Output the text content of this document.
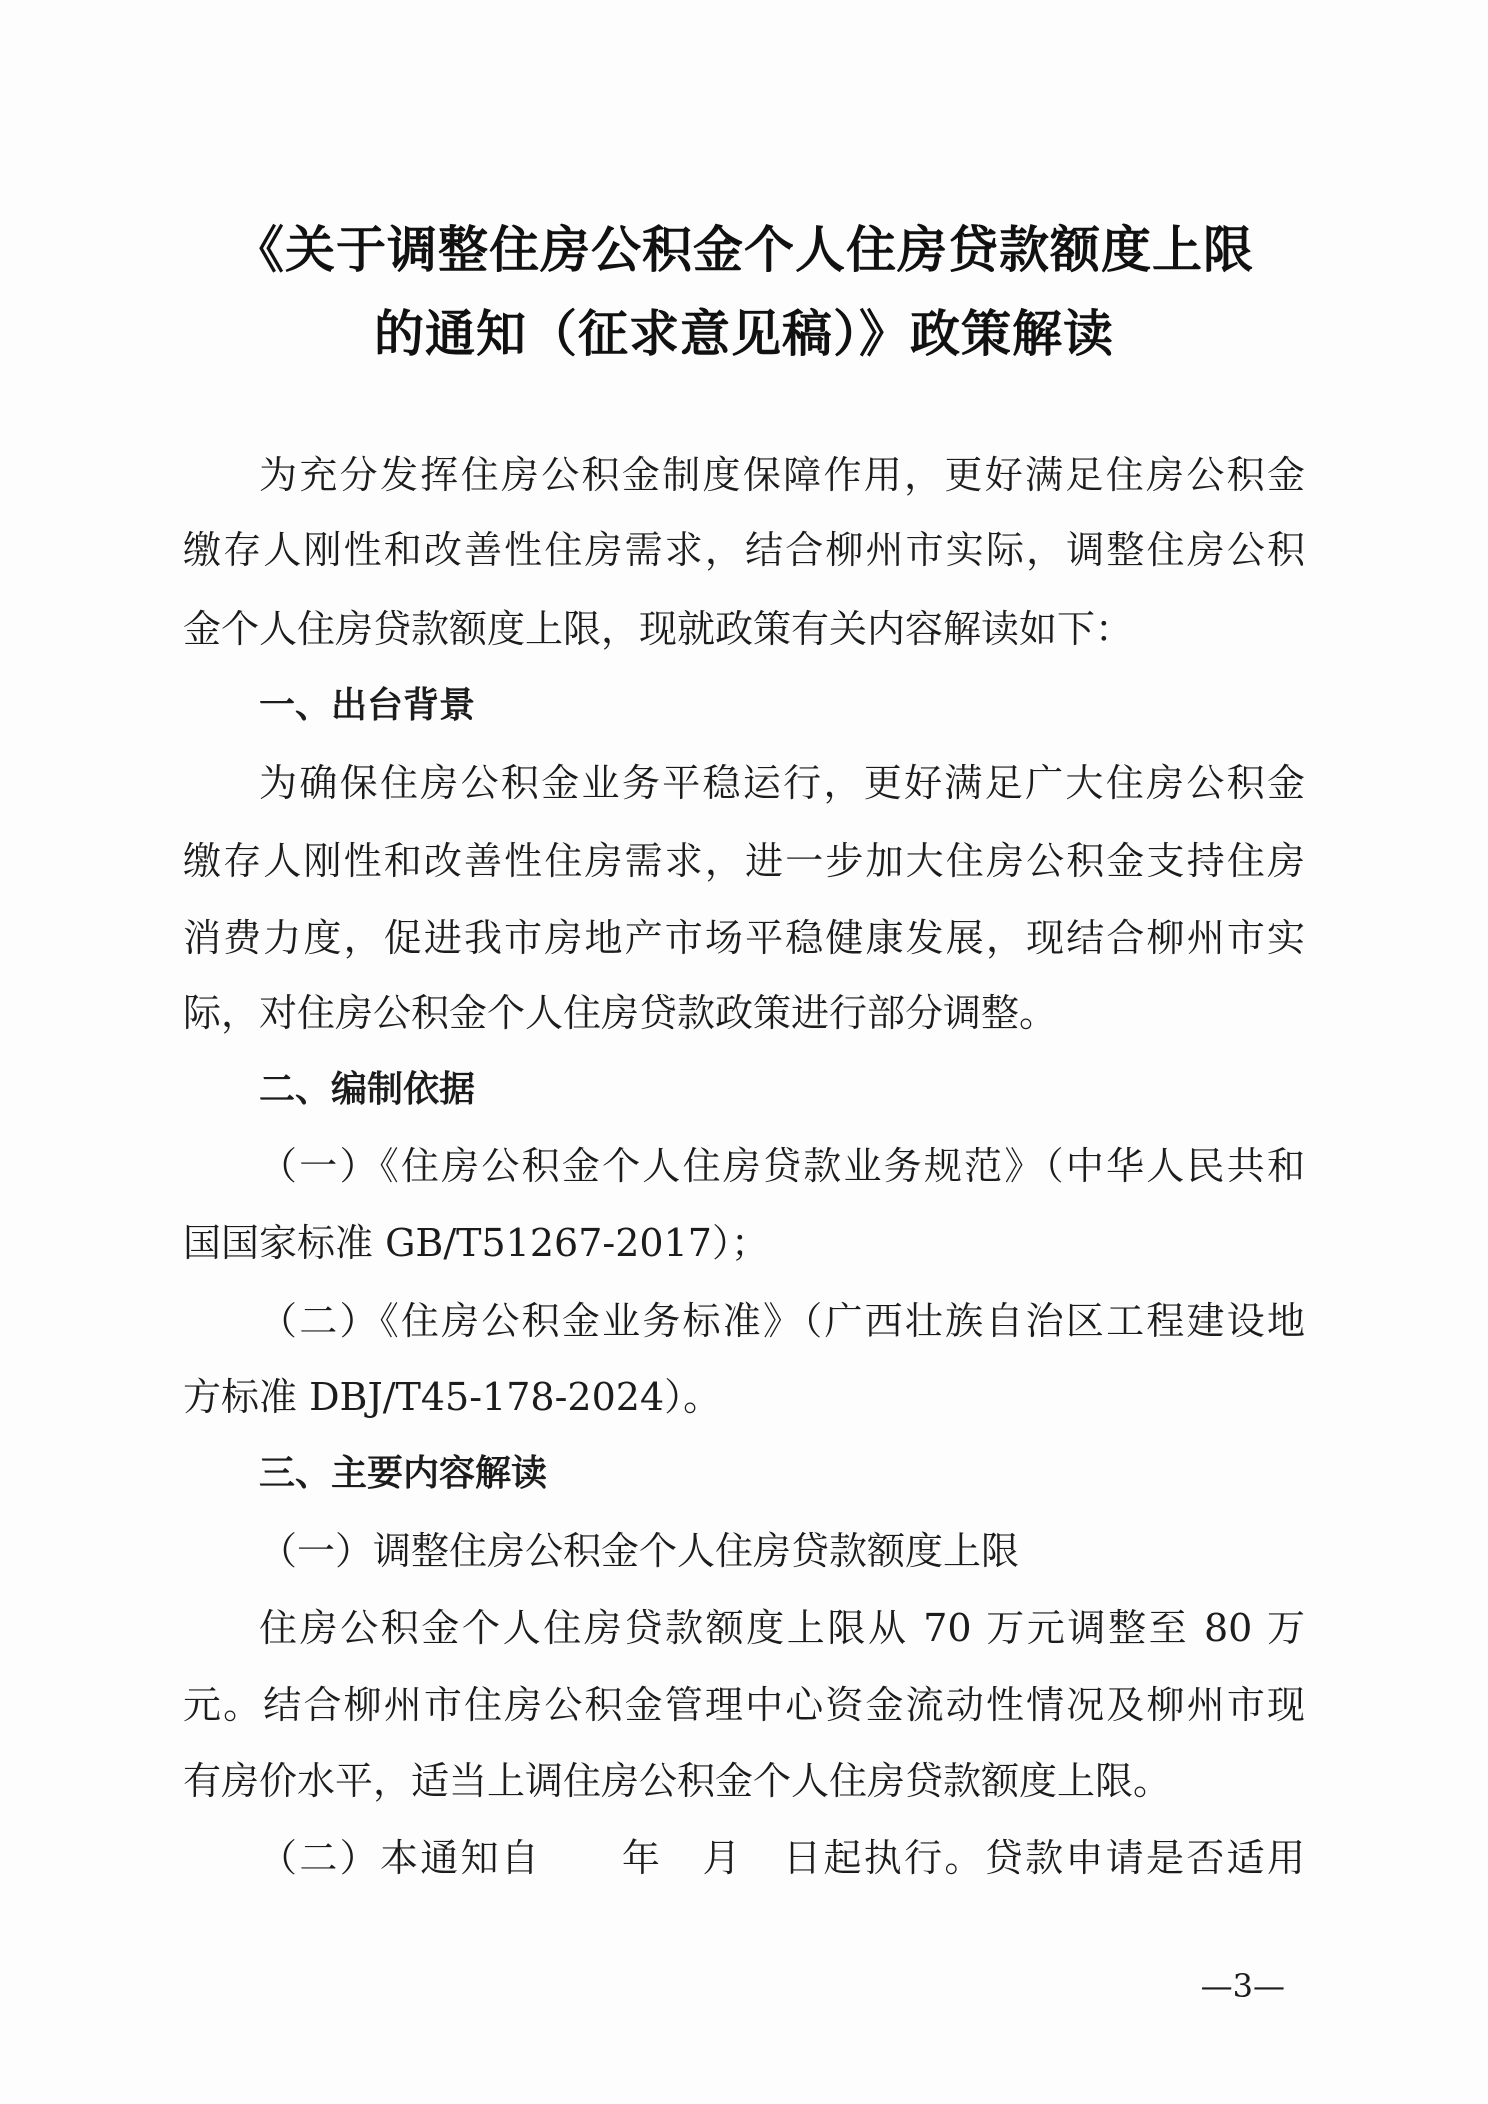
《关于调整住房公积金个人住房贷款额度上限
的通知（征求意见稿）》政策解读
为充分发挥住房公积金制度保障作用，更好满足住房公积金
缴存人刚性和改善性住房需求，结合柳州市实际，调整住房公积
金个人住房贷款额度上限，现就政策有关内容解读如下：
一、出台背景
为确保住房公积金业务平稳运行，更好满足广大住房公积金
缴存人刚性和改善性住房需求，进一步加大住房公积金支持住房
消费力度，促进我市房地产市场平稳健康发展，现结合柳州市实
际，对住房公积金个人住房贷款政策进行部分调整。
二、编制依据
（一）《住房公积金个人住房贷款业务规范》（中华人民共和
国国家标准 GB/T51267-2017）；
（二）《住房公积金业务标准》（广西壮族自治区工程建设地
方标准 DBJ/T45-178-2024）。
三、主要内容解读
（一）调整住房公积金个人住房贷款额度上限
住房公积金个人住房贷款额度上限从 70 万元调整至 80 万
元。结合柳州市住房公积金管理中心资金流动性情况及柳州市现
有房价水平，适当上调住房公积金个人住房贷款额度上限。
（二）本通知自　　年　月　日起执行。贷款申请是否适用
—3—
